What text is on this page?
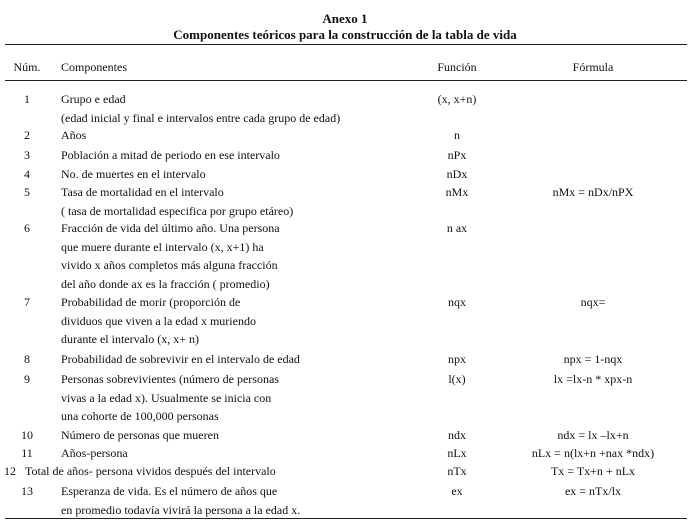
Anexo 1
Componentes teóricos para la construcción de la tabla de vida
Núm. Componentes	Función	Fórmula
1	Grupo e edad
(edad inicial y final e intervalos entre cada grupo de edad)
(x, x+n)
2	Años	n
3	Población a mitad de periodo en ese intervalo	nPx
4	No. de muertes en el intervalo	nDx
5	Tasa de mortalidad en el intervalo
( tasa de mortalidad especifica por grupo etáreo)
nMx	nMx = nDx/nPX
6	Fracción de vida del último año. Una persona
que muere durante el intervalo (x, x+1) ha
vivido x años completos más alguna fracción
del año donde ax es la fracción ( promedio)
n ax
7	Probabilidad de morir (proporción de
dividuos que viven a la edad x muriendo
durante el intervalo (x, x+ n)
nqx	nqx=
8	Probabilidad de sobrevivir en el intervalo de edad	npx	npx = 1-nqx
9	Personas sobrevivientes (número de personas
vivas a la edad x). Usualmente se inicia con
una cohorte de 100,000 personas
l(x)	lx =lx-n * xpx-n
10	Número de personas que mueren	ndx	ndx = lx –lx+n
11	Años-persona	nLx	nLx = n(lx+n +nax *ndx)
12 Total de años- persona vividos después del intervalo	nTx	Tx = Tx+n + nLx
13	Esperanza de vida. Es el número de años que
en promedio todavía vivirá la persona a la edad x.
ex	ex = nTx/lx
